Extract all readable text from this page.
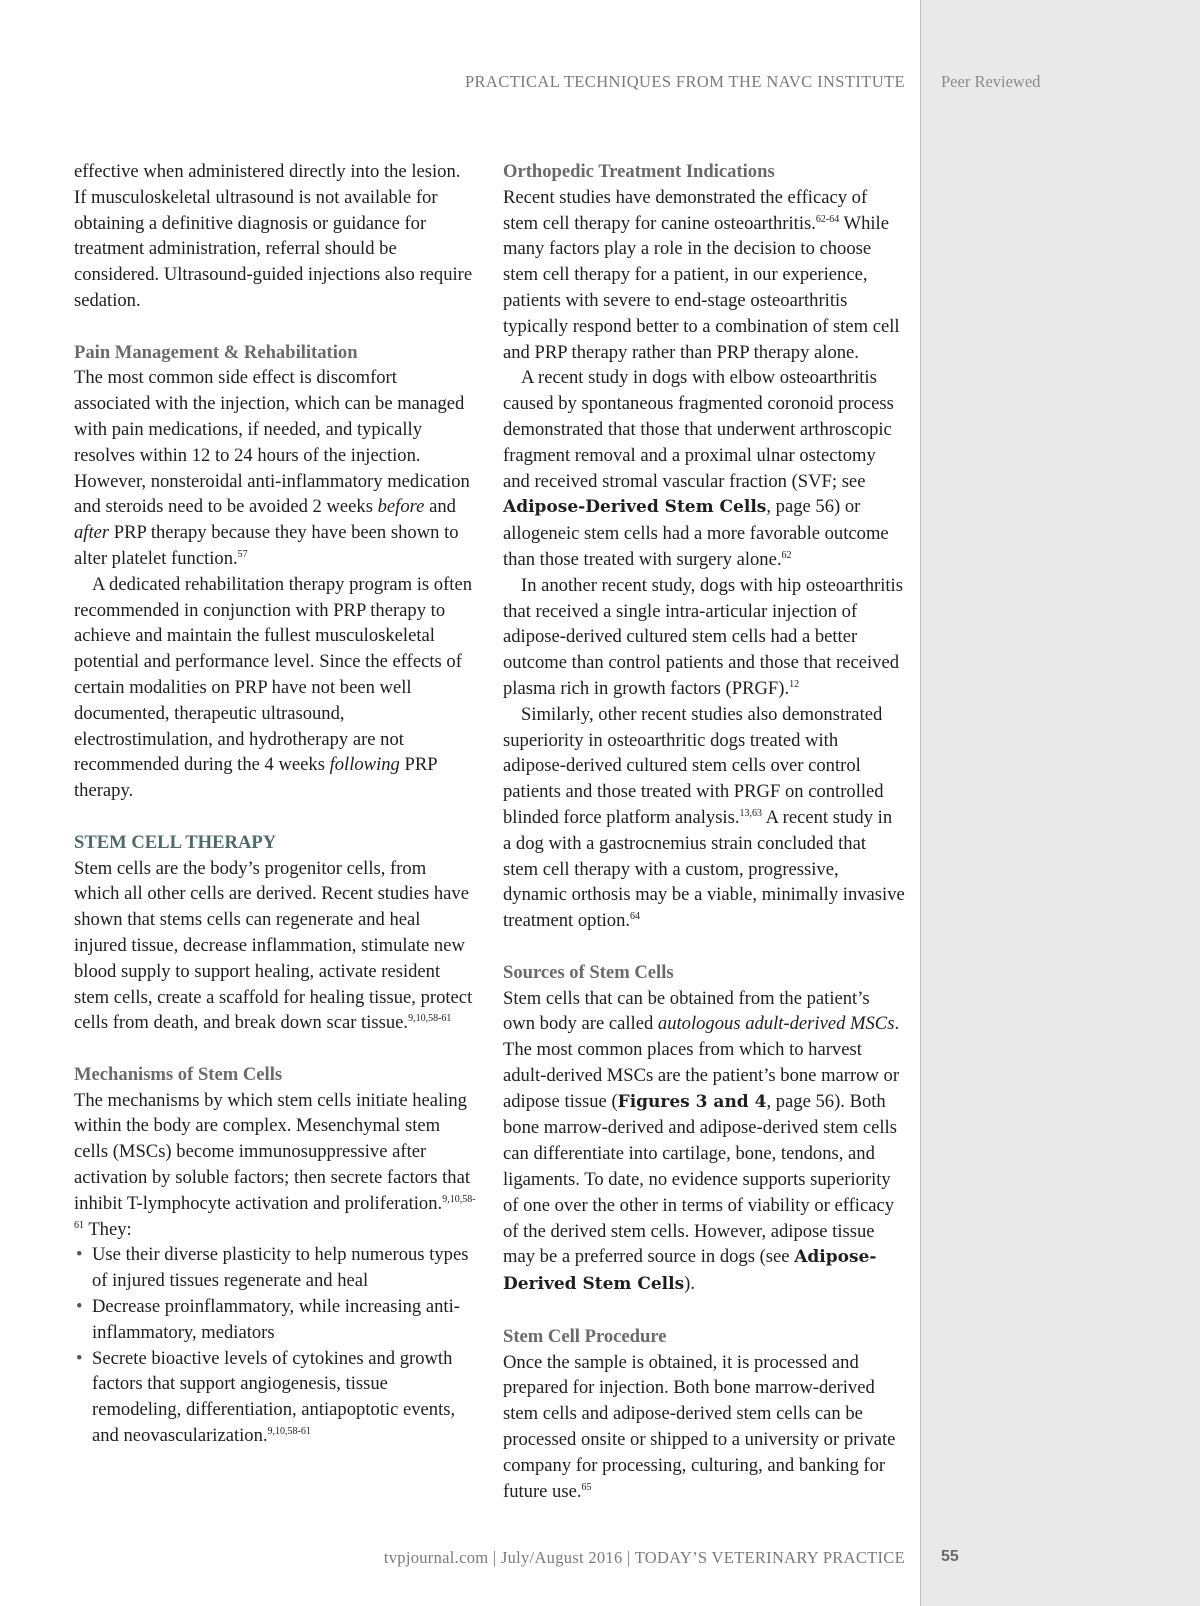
PRACTICAL TECHNIQUES FROM THE NAVC INSTITUTE Peer Reviewed

effective when administered directly into the lesion. If musculoskeletal ultrasound is not available for obtaining a definitive diagnosis or guidance for treatment administration, referral should be considered. Ultrasound-guided injections also require sedation.

Pain Management & Rehabilitation

The most common side effect is discomfort associated with the injection, which can be managed with pain medications, if needed, and typically resolves within 12 to 24 hours of the injection. However, nonsteroidal anti-inflammatory medication and steroids need to be avoided 2 weeks before and after PRP therapy because they have been shown to alter platelet function.$^{57}$

A dedicated rehabilitation therapy program is often recommended in conjunction with PRP therapy to achieve and maintain the fullest musculoskeletal potential and performance level. Since the effects of certain modalities on PRP have not been well documented, therapeutic ultrasound, electrostimulation, and hydrotherapy are not recommended during the 4 weeks following PRP therapy.

STEM CELL THERAPY

Stem cells are the body’s progenitor cells, from which all other cells are derived. Recent studies have shown that stems cells can regenerate and heal injured tissue, decrease inflammation, stimulate new blood supply to support healing, activate resident stem cells, create a scaffold for healing tissue, protect cells from death, and break down scar tissue.$^{9,10,58-61}$

Mechanisms of Stem Cells

The mechanisms by which stem cells initiate healing within the body are complex. Mesenchymal stem cells (MSCs) become immunosuppressive after activation by soluble factors; then secrete factors that inhibit T-lymphocyte activation and proliferation.$^{9,10,58-61}$ They:

• Use their diverse plasticity to help numerous types of injured tissues regenerate and heal
• Decrease proinflammatory, while increasing anti-inflammatory, mediators
• Secrete bioactive levels of cytokines and growth factors that support angiogenesis, tissue remodeling, differentiation, antiapoptotic events, and neovascularization.$^{9,10,58-61}$
Orthopedic Treatment Indications

Recent studies have demonstrated the efficacy of stem cell therapy for canine osteoarthritis.$^{62-64}$ While many factors play a role in the decision to choose stem cell therapy for a patient, in our experience, patients with severe to end-stage osteoarthritis typically respond better to a combination of stem cell and PRP therapy rather than PRP therapy alone.

A recent study in dogs with elbow osteoarthritis caused by spontaneous fragmented coronoid process demonstrated that those that underwent arthroscopic fragment removal and a proximal ulnar ostectomy and received stromal vascular fraction (SVF; see Adipose-Derived Stem Cells, page 56) or allogeneic stem cells had a more favorable outcome than those treated with surgery alone.$^{62}$

In another recent study, dogs with hip osteoarthritis that received a single intra-articular injection of adipose-derived cultured stem cells had a better outcome than control patients and those that received plasma rich in growth factors (PRGF).$^{12}$

Similarly, other recent studies also demonstrated superiority in osteoarthritic dogs treated with adipose-derived cultured stem cells over control patients and those treated with PRGF on controlled blinded force platform analysis.$^{13,63}$ A recent study in a dog with a gastrocnemius strain concluded that stem cell therapy with a custom, progressive, dynamic orthosis may be a viable, minimally invasive treatment option.$^{64}$

Sources of Stem Cells

Stem cells that can be obtained from the patient’s own body are called autologous adult-derived MSCs. The most common places from which to harvest adult-derived MSCs are the patient’s bone marrow or adipose tissue (Figures 3 and 4, page 56). Both bone marrow-derived and adipose-derived stem cells can differentiate into cartilage, bone, tendons, and ligaments. To date, no evidence supports superiority of one over the other in terms of viability or efficacy of the derived stem cells. However, adipose tissue may be a preferred source in dogs (see Adipose-Derived Stem Cells).

Stem Cell Procedure

Once the sample is obtained, it is processed and prepared for injection. Both bone marrow-derived stem cells and adipose-derived stem cells can be processed onsite or shipped to a university or private company for processing, culturing, and banking for future use.$^{65}$

tvpjournal.com | July/August 2016 | TODAY’S VETERINARY PRACTICE 55
